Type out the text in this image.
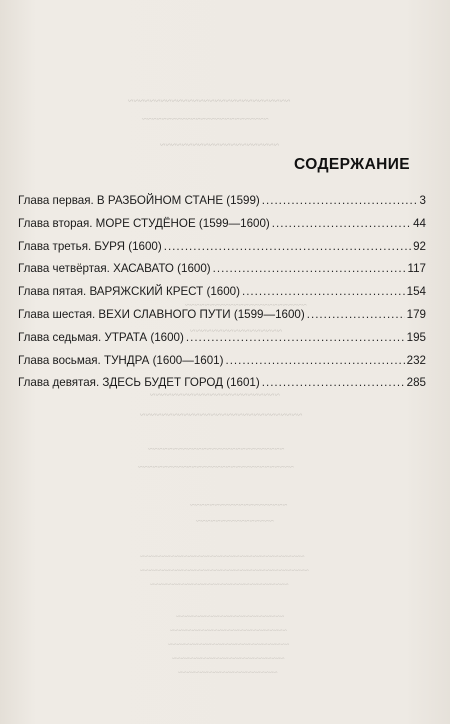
~~~~~~~~~~~~~~~~~~~~~~~~~~~~~~
~~~~~~~~~~~~~~~~~~~~~~~~~~
~~~~~~~~~~~~~~~~~~~~~~
~~~~~~~~~~~~~~~~~~~~~~~~~
~~~~~~~~~~~~~~~~~
~~~~~~~~~~~~~~~~~~~~~~~~
~~~~~~~~~~~~~~~~~~~~~~~~~~~~~~
~~~~~~~~~~~~~~~~~~~~~~~~~~~~
~~~~~~~~~~~~~~~~~~~~~~~~~~~~~~~~
~~~~~~~~~~~~~~~~~~~~
~~~~~~~~~~~~~~~~
~~~~~~~~~~~~~~~~~~~~~~~~~~~~~~~~~~~~~~
~~~~~~~~~~~~~~~~~~~~~~~~~~~~~~~~~~~~~~~
~~~~~~~~~~~~~~~~~~~~~~~~~~~~~~~~
~~~~~~~~~~~~~~~~~~~~~~~~~
~~~~~~~~~~~~~~~~~~~~~~~~~~~
~~~~~~~~~~~~~~~~~~~~~~~~~~~~
~~~~~~~~~~~~~~~~~~~~~~~~~~
~~~~~~~~~~~~~~~~~~~~~~~
СОДЕРЖАНИЕ
Глава первая. В РАЗБОЙНОМ СТАНЕ (1599) .....	3
Глава вторая. МОРЕ СТУДЁНОЕ (1599—1600) .....	44
Глава третья. БУРЯ (1600) .....	92
Глава четвёртая. ХАСАВАТО (1600) .....	117
Глава пятая. ВАРЯЖСКИЙ КРЕСТ (1600) .....	154
Глава шестая. ВЕХИ СЛАВНОГО ПУТИ (1599—1600) .....	179
Глава седьмая. УТРАТА (1600) .....	195
Глава восьмая. ТУНДРА (1600—1601) .....	232
Глава девятая. ЗДЕСЬ БУДЕТ ГОРОД (1601) .....	285
